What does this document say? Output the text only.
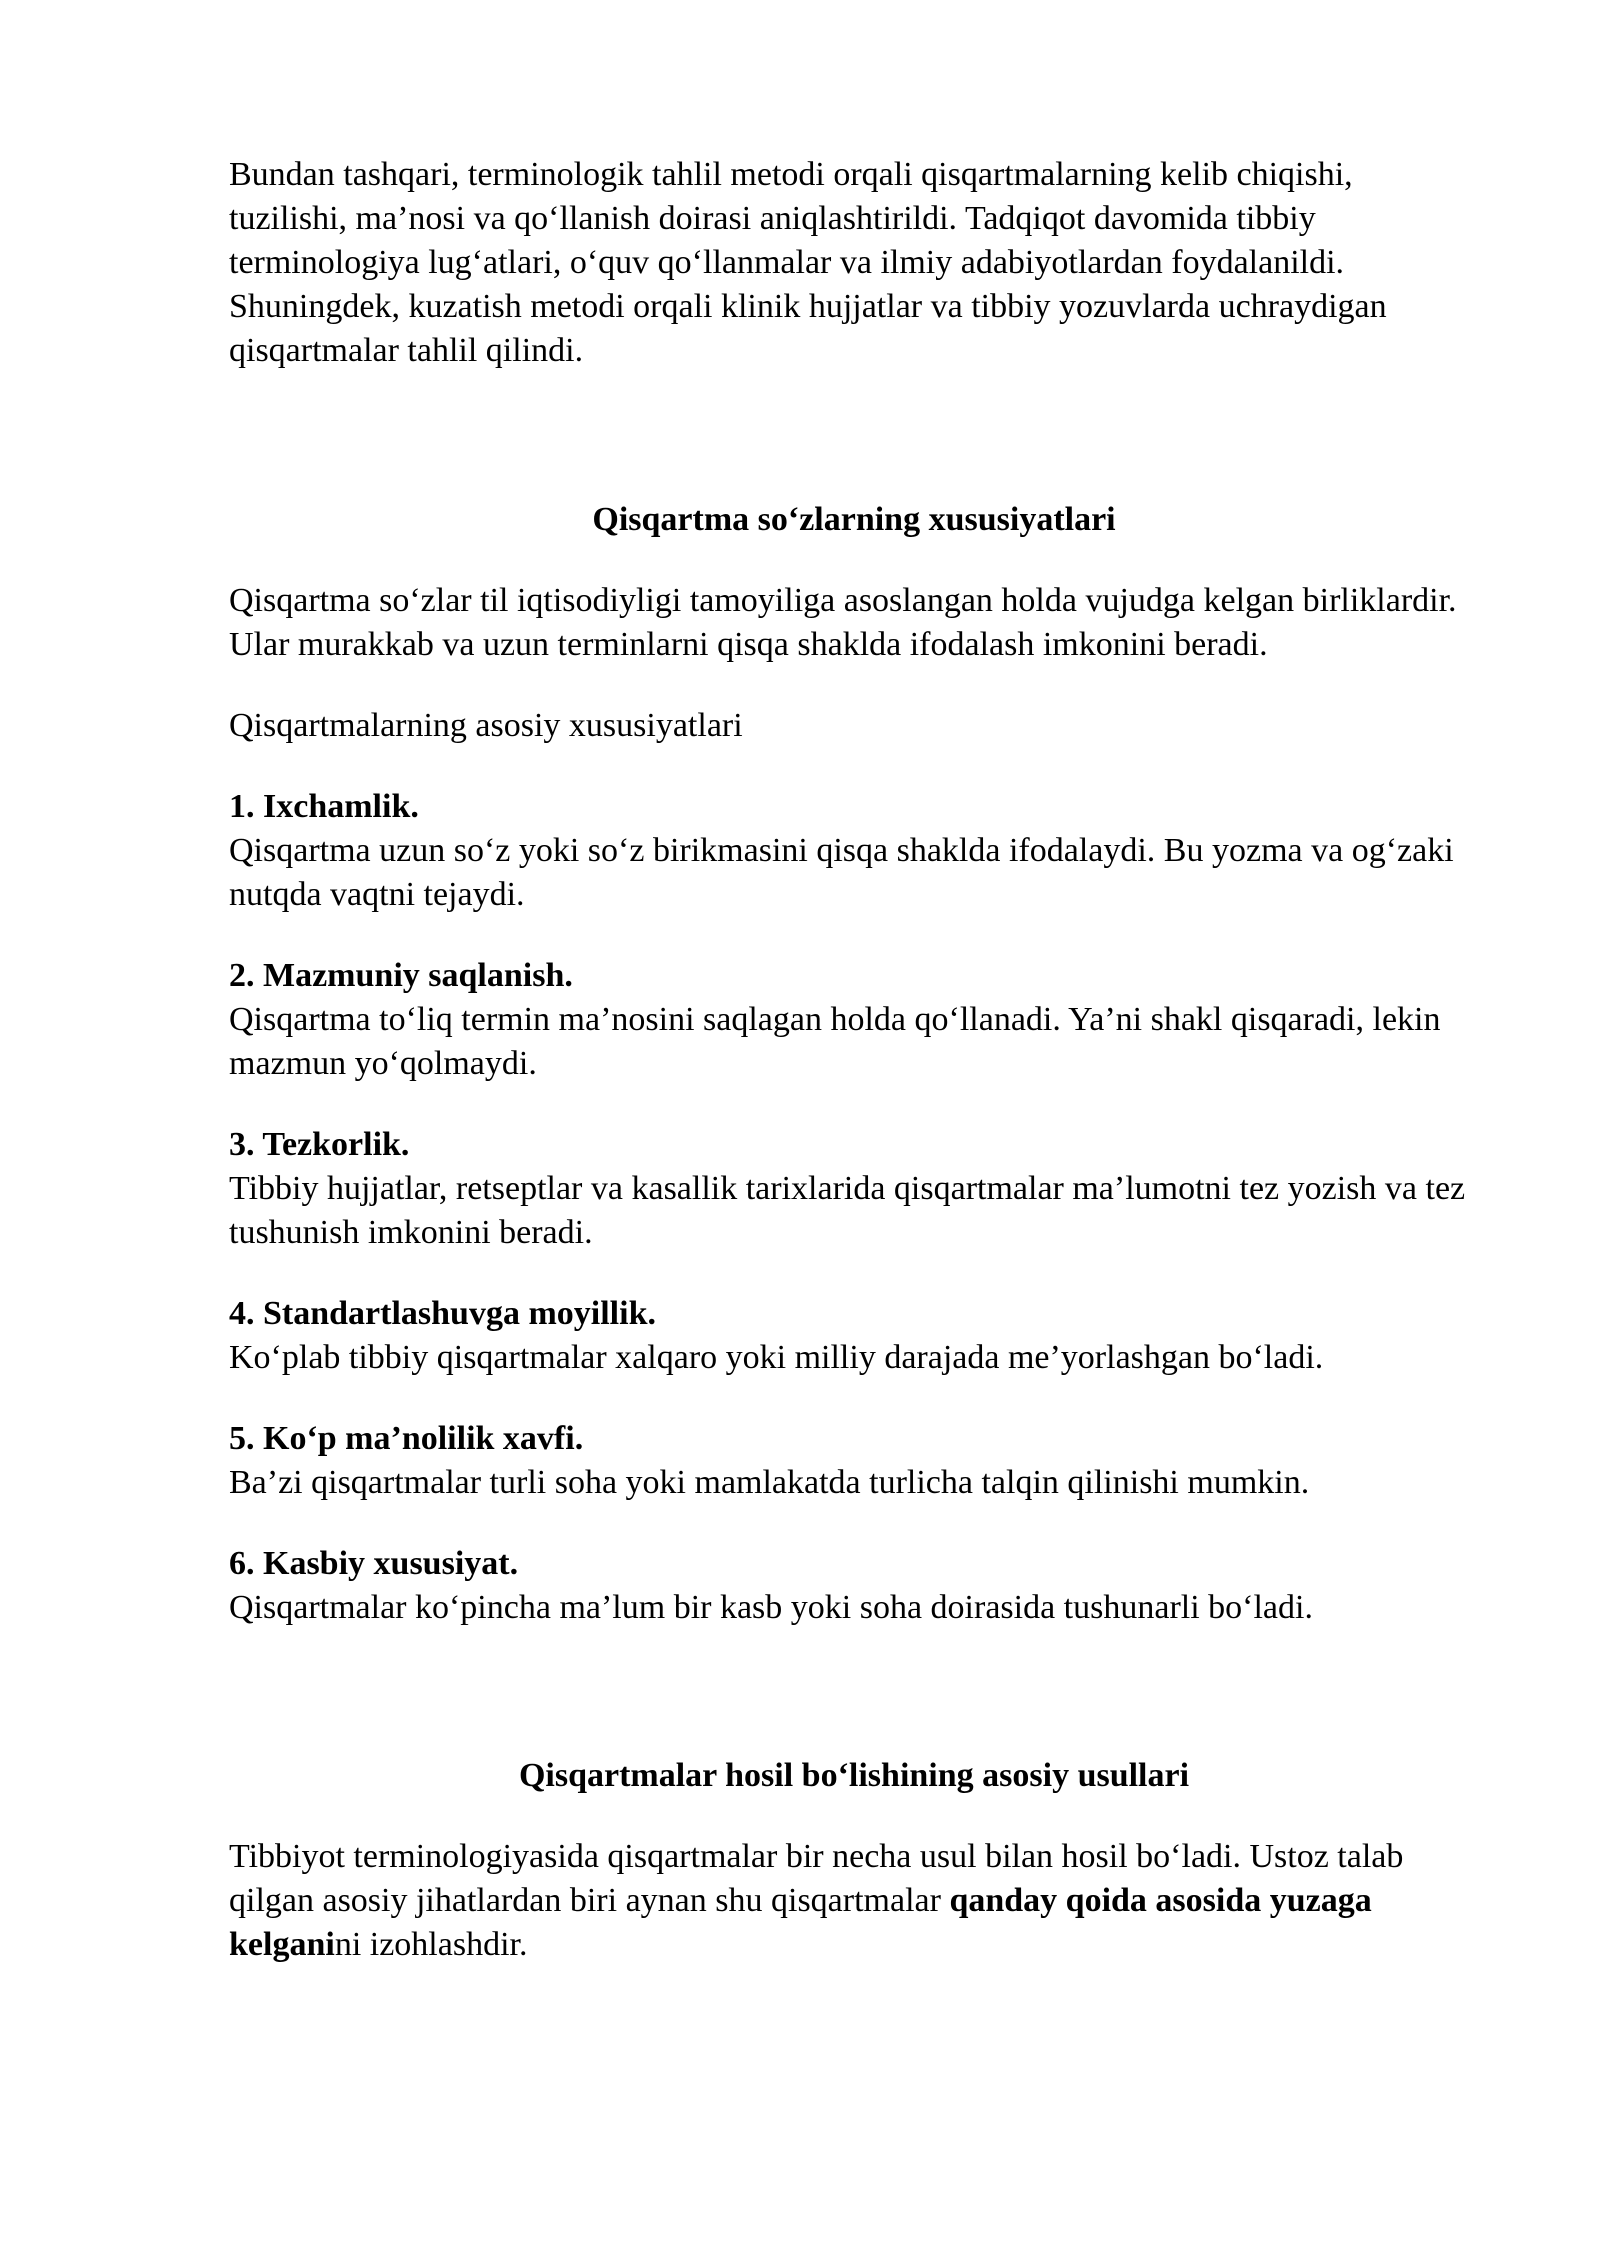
Bundan tashqari, terminologik tahlil metodi orqali qisqartmalarning kelib chiqishi, tuzilishi, ma’nosi va qo‘llanish doirasi aniqlashtirildi. Tadqiqot davomida tibbiy terminologiya lug‘atlari, o‘quv qo‘llanmalar va ilmiy adabiyotlardan foydalanildi. Shuningdek, kuzatish metodi orqali klinik hujjatlar va tibbiy yozuvlarda uchraydigan qisqartmalar tahlil qilindi.

Qisqartma so‘zlarning xususiyatlari

Qisqartma so‘zlar til iqtisodiyligi tamoyiliga asoslangan holda vujudga kelgan birliklardir. Ular murakkab va uzun terminlarni qisqa shaklda ifodalash imkonini beradi.

Qisqartmalarning asosiy xususiyatlari

1. Ixchamlik.

Qisqartma uzun so‘z yoki so‘z birikmasini qisqa shaklda ifodalaydi. Bu yozma va og‘zaki nutqda vaqtni tejaydi.

2. Mazmuniy saqlanish.

Qisqartma to‘liq termin ma’nosini saqlagan holda qo‘llanadi. Ya’ni shakl qisqaradi, lekin mazmun yo‘qolmaydi.

3. Tezkorlik.

Tibbiy hujjatlar, retseptlar va kasallik tarixlarida qisqartmalar ma’lumotni tez yozish va tez tushunish imkonini beradi.

4. Standartlashuvga moyillik.

Ko‘plab tibbiy qisqartmalar xalqaro yoki milliy darajada me’yorlashgan bo‘ladi.

5. Ko‘p ma’nolilik xavfi.

Ba’zi qisqartmalar turli soha yoki mamlakatda turlicha talqin qilinishi mumkin.

6. Kasbiy xususiyat.

Qisqartmalar ko‘pincha ma’lum bir kasb yoki soha doirasida tushunarli bo‘ladi.

Qisqartmalar hosil bo‘lishining asosiy usullari

Tibbiyot terminologiyasida qisqartmalar bir necha usul bilan hosil bo‘ladi. Ustoz talab qilgan asosiy jihatlardan biri aynan shu qisqartmalar qanday qoida asosida yuzaga kelganini izohlashdir.
